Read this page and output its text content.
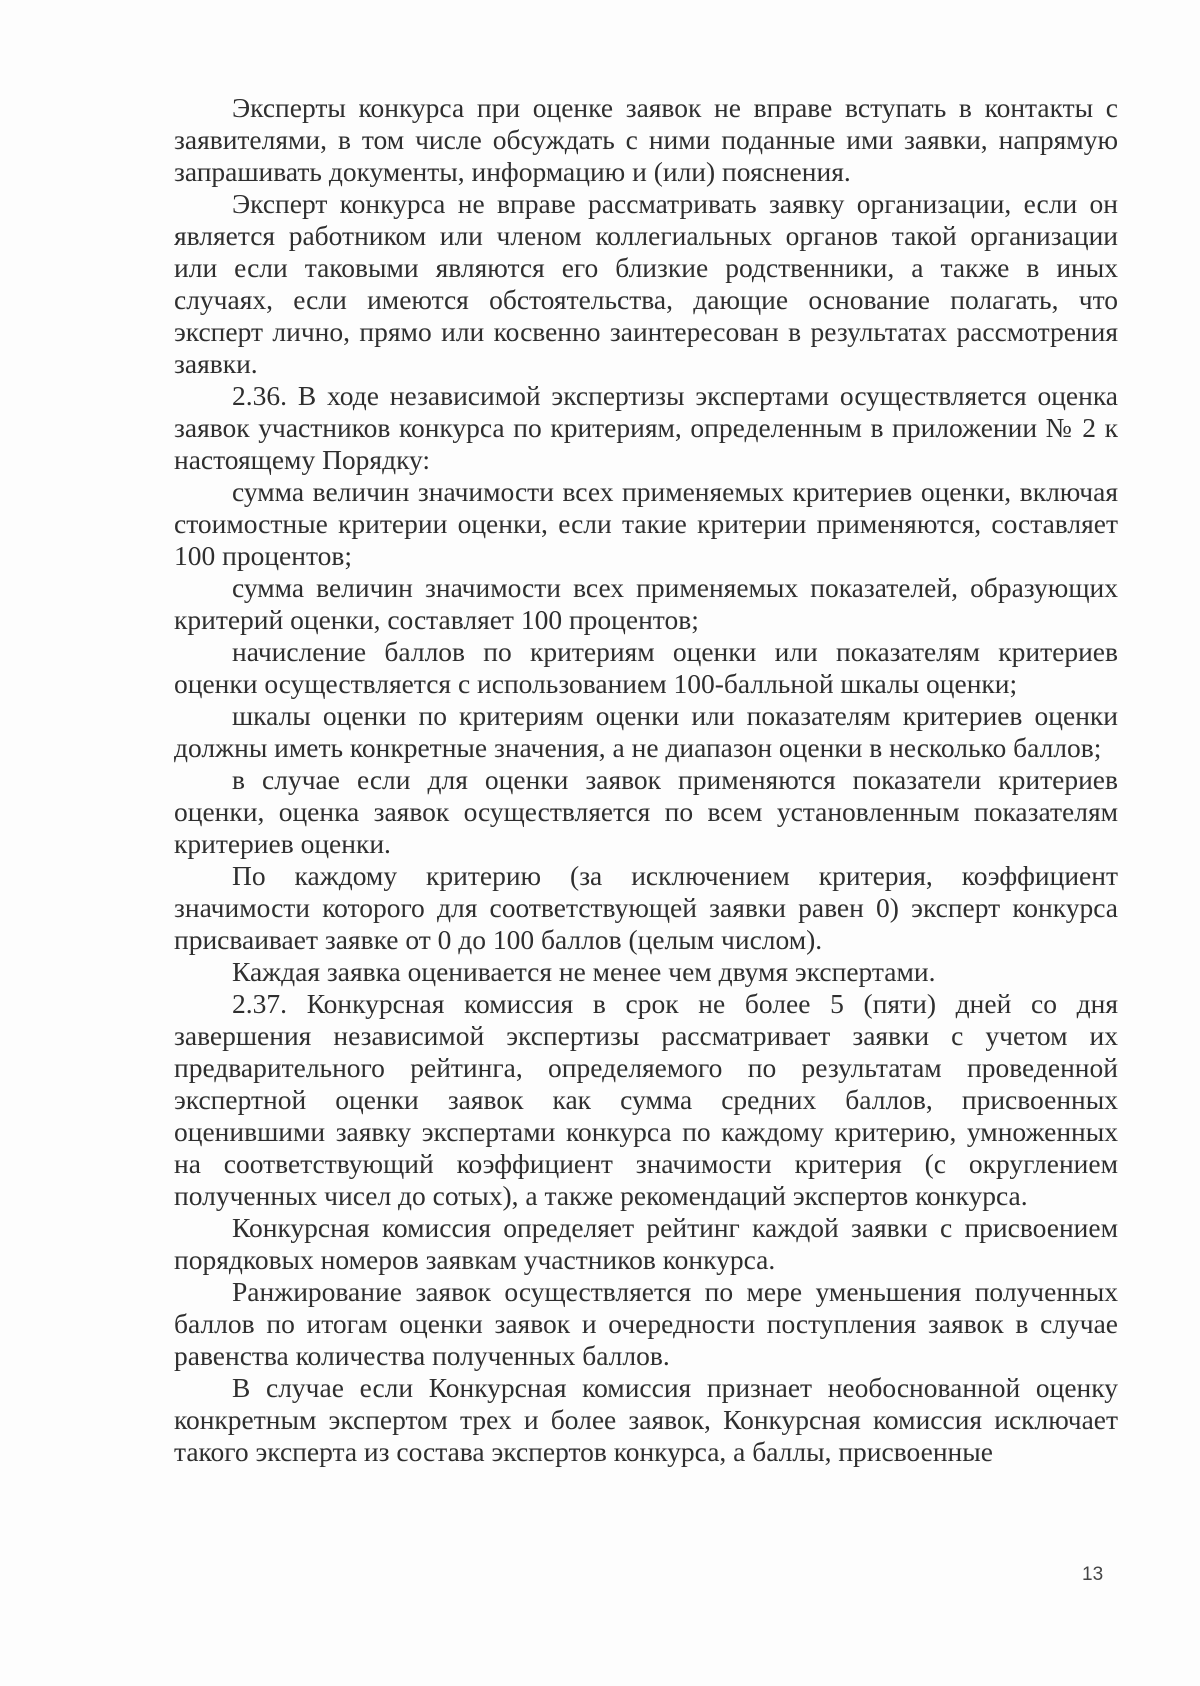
Эксперты конкурса при оценке заявок не вправе вступать в контакты с заявителями, в том числе обсуждать с ними поданные ими заявки, напрямую запрашивать документы, информацию и (или) пояснения.

Эксперт конкурса не вправе рассматривать заявку организации, если он является работником или членом коллегиальных органов такой организации или если таковыми являются его близкие родственники, а также в иных случаях, если имеются обстоятельства, дающие основание полагать, что эксперт лично, прямо или косвенно заинтересован в результатах рассмотрения заявки.

2.36. В ходе независимой экспертизы экспертами осуществляется оценка заявок участников конкурса по критериям, определенным в приложении № 2 к настоящему Порядку:

сумма величин значимости всех применяемых критериев оценки, включая стоимостные критерии оценки, если такие критерии применяются, составляет 100 процентов;

сумма величин значимости всех применяемых показателей, образующих критерий оценки, составляет 100 процентов;

начисление баллов по критериям оценки или показателям критериев оценки осуществляется с использованием 100-балльной шкалы оценки;

шкалы оценки по критериям оценки или показателям критериев оценки должны иметь конкретные значения, а не диапазон оценки в несколько баллов;

в случае если для оценки заявок применяются показатели критериев оценки, оценка заявок осуществляется по всем установленным показателям критериев оценки.

По каждому критерию (за исключением критерия, коэффициент значимости которого для соответствующей заявки равен 0) эксперт конкурса присваивает заявке от 0 до 100 баллов (целым числом).

Каждая заявка оценивается не менее чем двумя экспертами.

2.37. Конкурсная комиссия в срок не более 5 (пяти) дней со дня завершения независимой экспертизы рассматривает заявки с учетом их предварительного рейтинга, определяемого по результатам проведенной экспертной оценки заявок как сумма средних баллов, присвоенных оценившими заявку экспертами конкурса по каждому критерию, умноженных на соответствующий коэффициент значимости критерия (с округлением полученных чисел до сотых), а также рекомендаций экспертов конкурса.

Конкурсная комиссия определяет рейтинг каждой заявки с присвоением порядковых номеров заявкам участников конкурса.

Ранжирование заявок осуществляется по мере уменьшения полученных баллов по итогам оценки заявок и очередности поступления заявок в случае равенства количества полученных баллов.

В случае если Конкурсная комиссия признает необоснованной оценку конкретным экспертом трех и более заявок, Конкурсная комиссия исключает такого эксперта из состава экспертов конкурса, а баллы, присвоенные

13
